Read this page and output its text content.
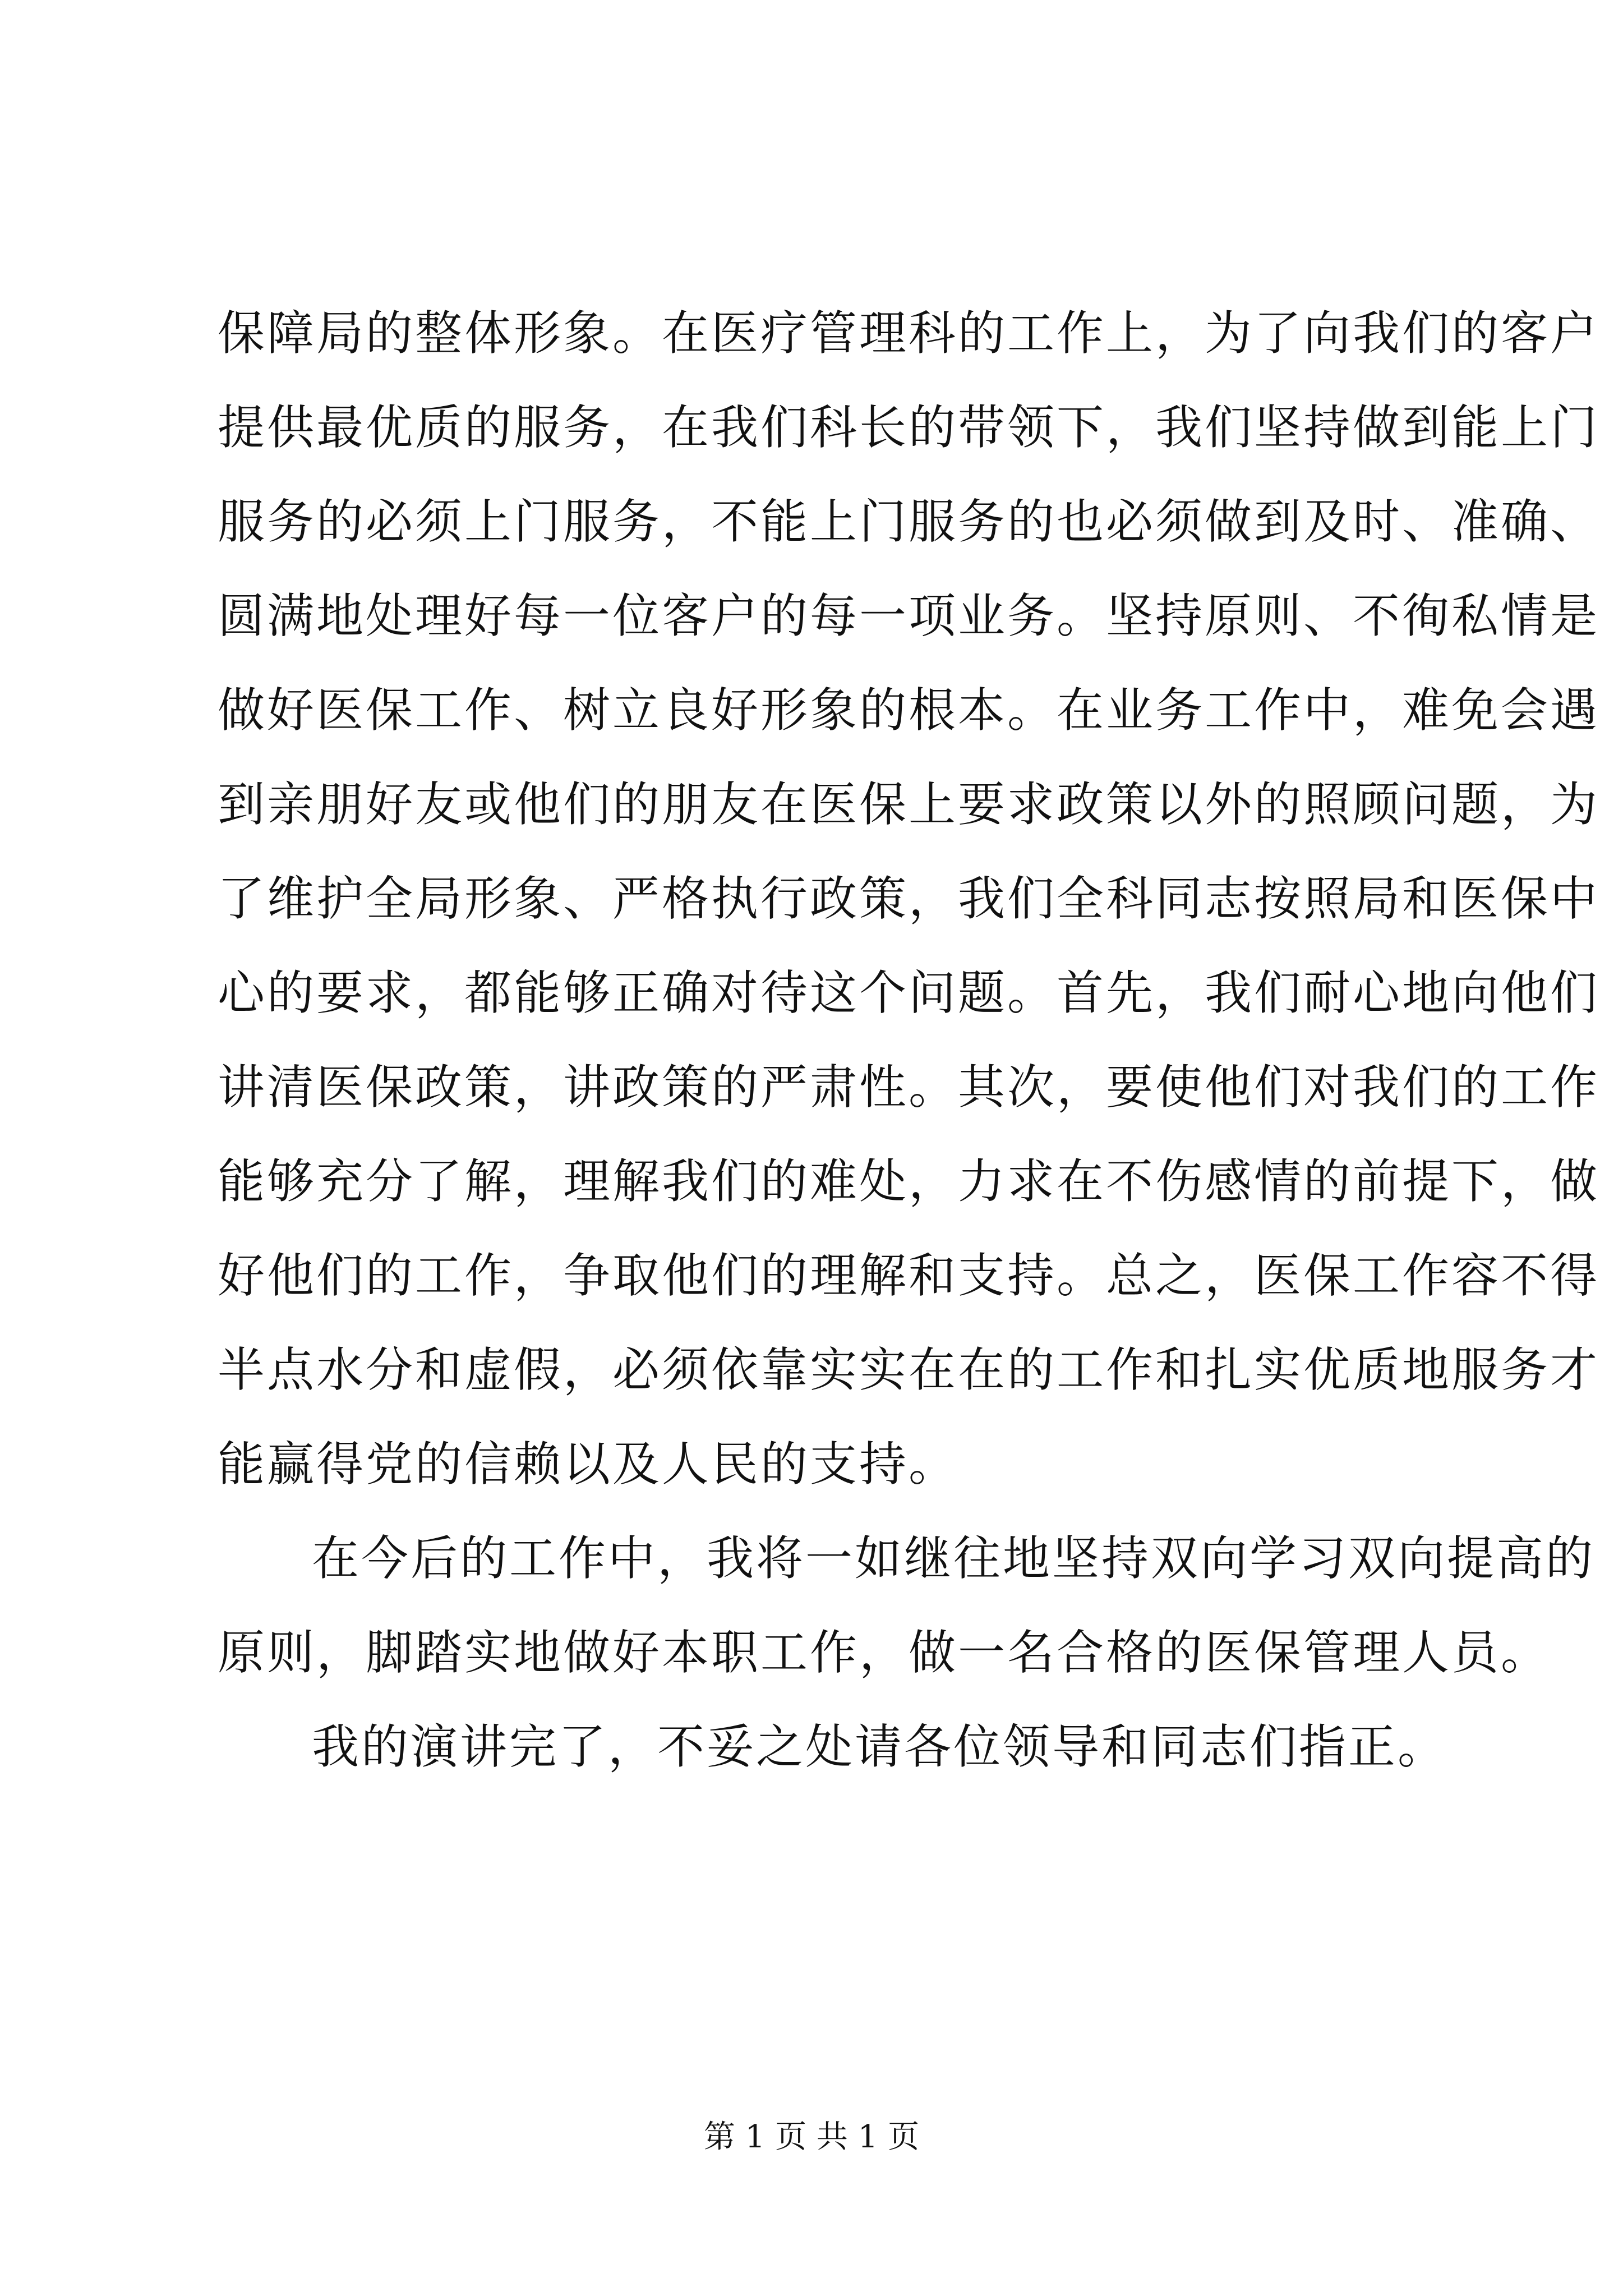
保障局的整体形象。在医疗管理科的工作上，为了向我们的客户
提供最优质的服务，在我们科长的带领下，我们坚持做到能上门
服务的必须上门服务，不能上门服务的也必须做到及时、准确、
圆满地处理好每一位客户的每一项业务。坚持原则、不徇私情是
做好医保工作、树立良好形象的根本。在业务工作中，难免会遇
到亲朋好友或他们的朋友在医保上要求政策以外的照顾问题，为
了维护全局形象、严格执行政策，我们全科同志按照局和医保中
心的要求，都能够正确对待这个问题。首先，我们耐心地向他们
讲清医保政策，讲政策的严肃性。其次，要使他们对我们的工作
能够充分了解，理解我们的难处，力求在不伤感情的前提下，做
好他们的工作，争取他们的理解和支持。总之，医保工作容不得
半点水分和虚假，必须依靠实实在在的工作和扎实优质地服务才
能赢得党的信赖以及人民的支持。
在今后的工作中，我将一如继往地坚持双向学习双向提高的
原则，脚踏实地做好本职工作，做一名合格的医保管理人员。
我的演讲完了，不妥之处请各位领导和同志们指正。
第 1 页 共 1 页
